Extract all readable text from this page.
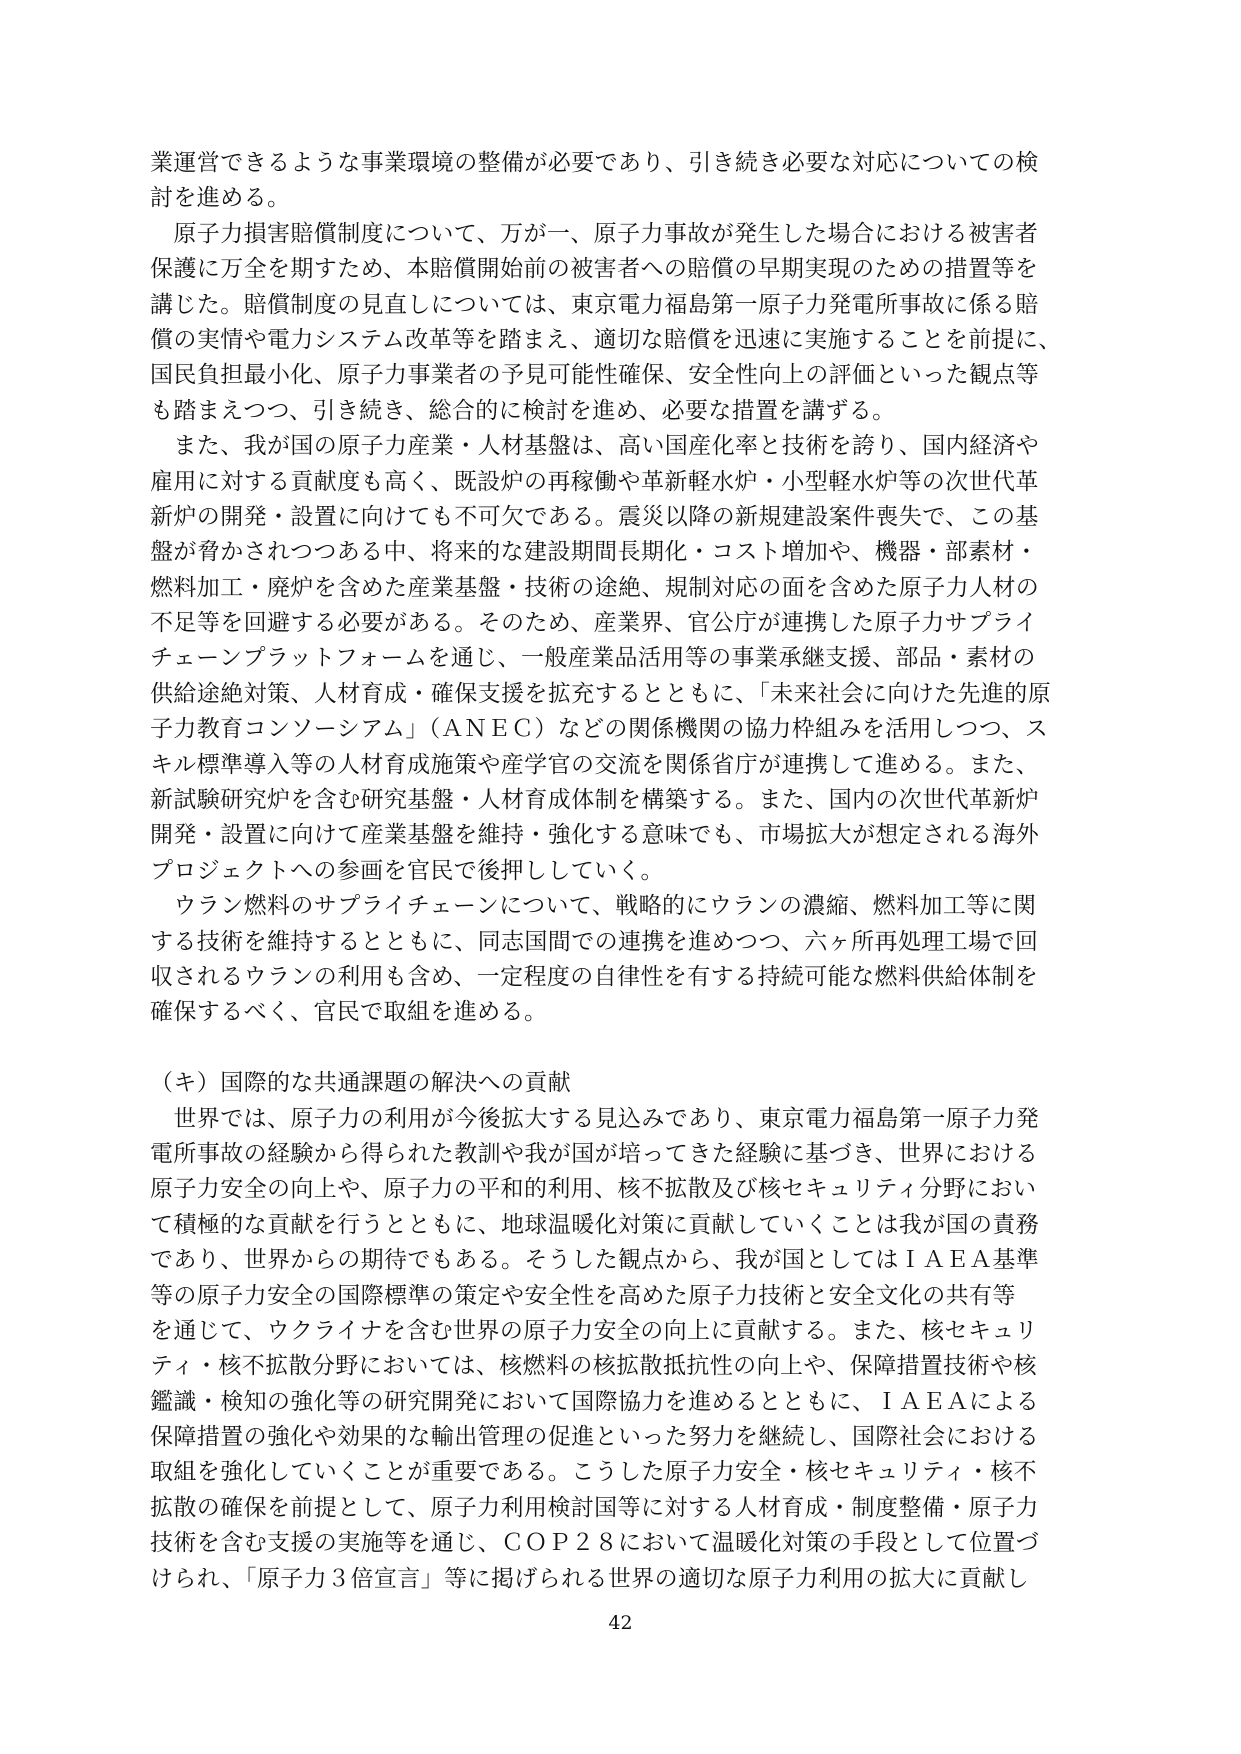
業運営できるような事業環境の整備が必要であり、引き続き必要な対応についての検
討を進める。
　原子力損害賠償制度について、万が一、原子力事故が発生した場合における被害者
保護に万全を期すため、本賠償開始前の被害者への賠償の早期実現のための措置等を
講じた。賠償制度の見直しについては、東京電力福島第一原子力発電所事故に係る賠
償の実情や電力システム改革等を踏まえ、適切な賠償を迅速に実施することを前提に、
国民負担最小化、原子力事業者の予見可能性確保、安全性向上の評価といった観点等
も踏まえつつ、引き続き、総合的に検討を進め、必要な措置を講ずる。
　また、我が国の原子力産業・人材基盤は、高い国産化率と技術を誇り、国内経済や
雇用に対する貢献度も高く、既設炉の再稼働や革新軽水炉・小型軽水炉等の次世代革
新炉の開発・設置に向けても不可欠である。震災以降の新規建設案件喪失で、この基
盤が脅かされつつある中、将来的な建設期間長期化・コスト増加や、機器・部素材・
燃料加工・廃炉を含めた産業基盤・技術の途絶、規制対応の面を含めた原子力人材の
不足等を回避する必要がある。そのため、産業界、官公庁が連携した原子力サプライ
チェーンプラットフォームを通じ、一般産業品活用等の事業承継支援、部品・素材の
供給途絶対策、人材育成・確保支援を拡充するとともに、「未来社会に向けた先進的原
子力教育コンソーシアム」（ＡＮＥＣ）などの関係機関の協力枠組みを活用しつつ、ス
キル標準導入等の人材育成施策や産学官の交流を関係省庁が連携して進める。また、
新試験研究炉を含む研究基盤・人材育成体制を構築する。また、国内の次世代革新炉
開発・設置に向けて産業基盤を維持・強化する意味でも、市場拡大が想定される海外
プロジェクトへの参画を官民で後押ししていく。
　ウラン燃料のサプライチェーンについて、戦略的にウランの濃縮、燃料加工等に関
する技術を維持するとともに、同志国間での連携を進めつつ、六ヶ所再処理工場で回
収されるウランの利用も含め、一定程度の自律性を有する持続可能な燃料供給体制を
確保するべく、官民で取組を進める。
（キ）国際的な共通課題の解決への貢献
　世界では、原子力の利用が今後拡大する見込みであり、東京電力福島第一原子力発
電所事故の経験から得られた教訓や我が国が培ってきた経験に基づき、世界における
原子力安全の向上や、原子力の平和的利用、核不拡散及び核セキュリティ分野におい
て積極的な貢献を行うとともに、地球温暖化対策に貢献していくことは我が国の責務
であり、世界からの期待でもある。そうした観点から、我が国としてはＩＡＥＡ基準
等の原子力安全の国際標準の策定や安全性を高めた原子力技術と安全文化の共有等
を通じて、ウクライナを含む世界の原子力安全の向上に貢献する。また、核セキュリ
ティ・核不拡散分野においては、核燃料の核拡散抵抗性の向上や、保障措置技術や核
鑑識・検知の強化等の研究開発において国際協力を進めるとともに、ＩＡＥＡによる
保障措置の強化や効果的な輸出管理の促進といった努力を継続し、国際社会における
取組を強化していくことが重要である。こうした原子力安全・核セキュリティ・核不
拡散の確保を前提として、原子力利用検討国等に対する人材育成・制度整備・原子力
技術を含む支援の実施等を通じ、ＣＯＰ２８において温暖化対策の手段として位置づ
けられ、「原子力３倍宣言」等に掲げられる世界の適切な原子力利用の拡大に貢献し
42
